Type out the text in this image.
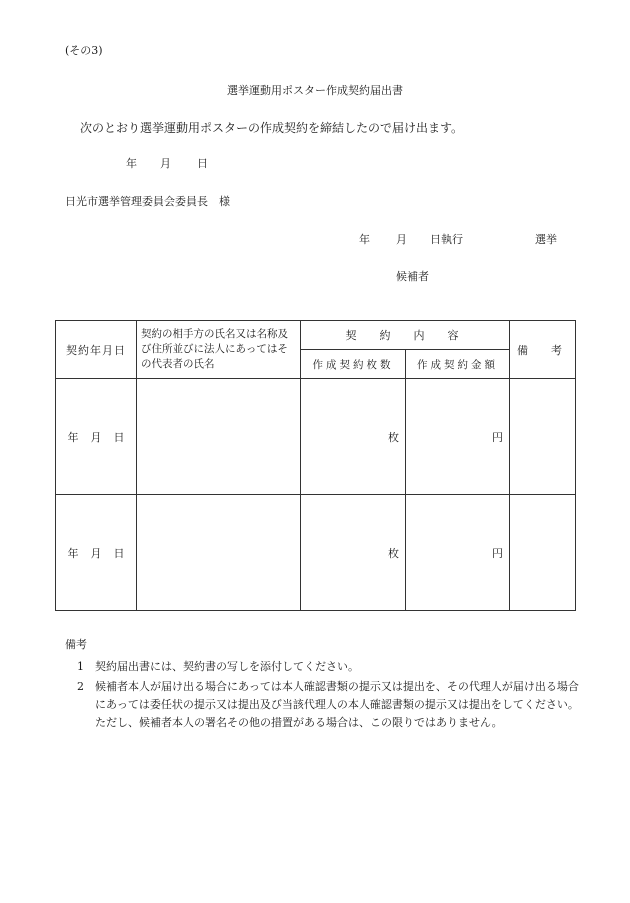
(その3)
選挙運動用ポスター作成契約届出書
次のとおり選挙運動用ポスターの作成契約を締結したので届け出ます。
年 月 日
日光市選挙管理委員会委員長　様
年 月 日執行	選挙
候補者
契約年月日	契約の相手方の氏名又は名称及び住所並びに法人にあってはその代表者の氏名	契　約　内　容		備　考
		作成契約枚数	作成契約金額	
年 月 日		枚	円	
年 月 日		枚	円	
備考
1 契約届出書には、契約書の写しを添付してください。
2 候補者本人が届け出る場合にあっては本人確認書類の提示又は提出を、その代理人が届け出る場合にあっては委任状の提示又は提出及び当該代理人の本人確認書類の提示又は提出をしてください。ただし、候補者本人の署名その他の措置がある場合は、この限りではありません。
